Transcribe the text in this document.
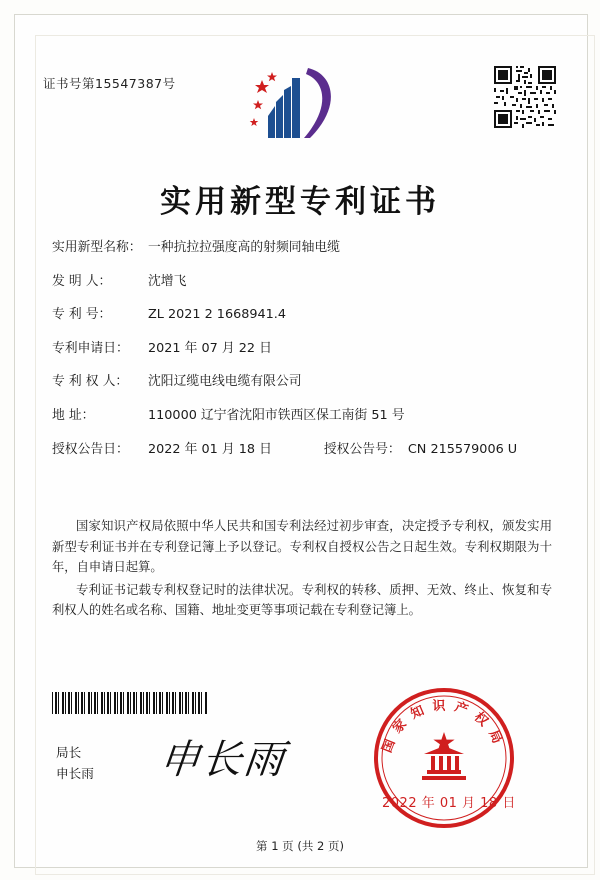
证书号第15547387号
实用新型专利证书
实用新型名称： 一种抗拉拉强度高的射频同轴电缆
发 明 人：	沈增飞
专 利 号：	ZL 2021 2 1668941.4
专利申请日： 2021 年 07 月 22 日
专 利 权 人： 沈阳辽缆电线电缆有限公司
地 址：	110000 辽宁省沈阳市铁西区保工南街 51 号
授权公告日： 2022 年 01 月 18 日	授权公告号： CN 215579006 U

国家知识产权局依照中华人民共和国专利法经过初步审查，决定授予专利权，颁发实用新型专利证书并在专利登记簿上予以登记。专利权自授权公告之日起生效。专利权期限为十年，自申请日起算。

专利证书记载专利权登记时的法律状况。专利权的转移、质押、无效、终止、恢复和专利权人的姓名或名称、国籍、地址变更等事项记载在专利登记簿上。

局长
申长雨 申长雨	国家知识产权局
2022 年 01 月 18 日
第 1 页 (共 2 页)
